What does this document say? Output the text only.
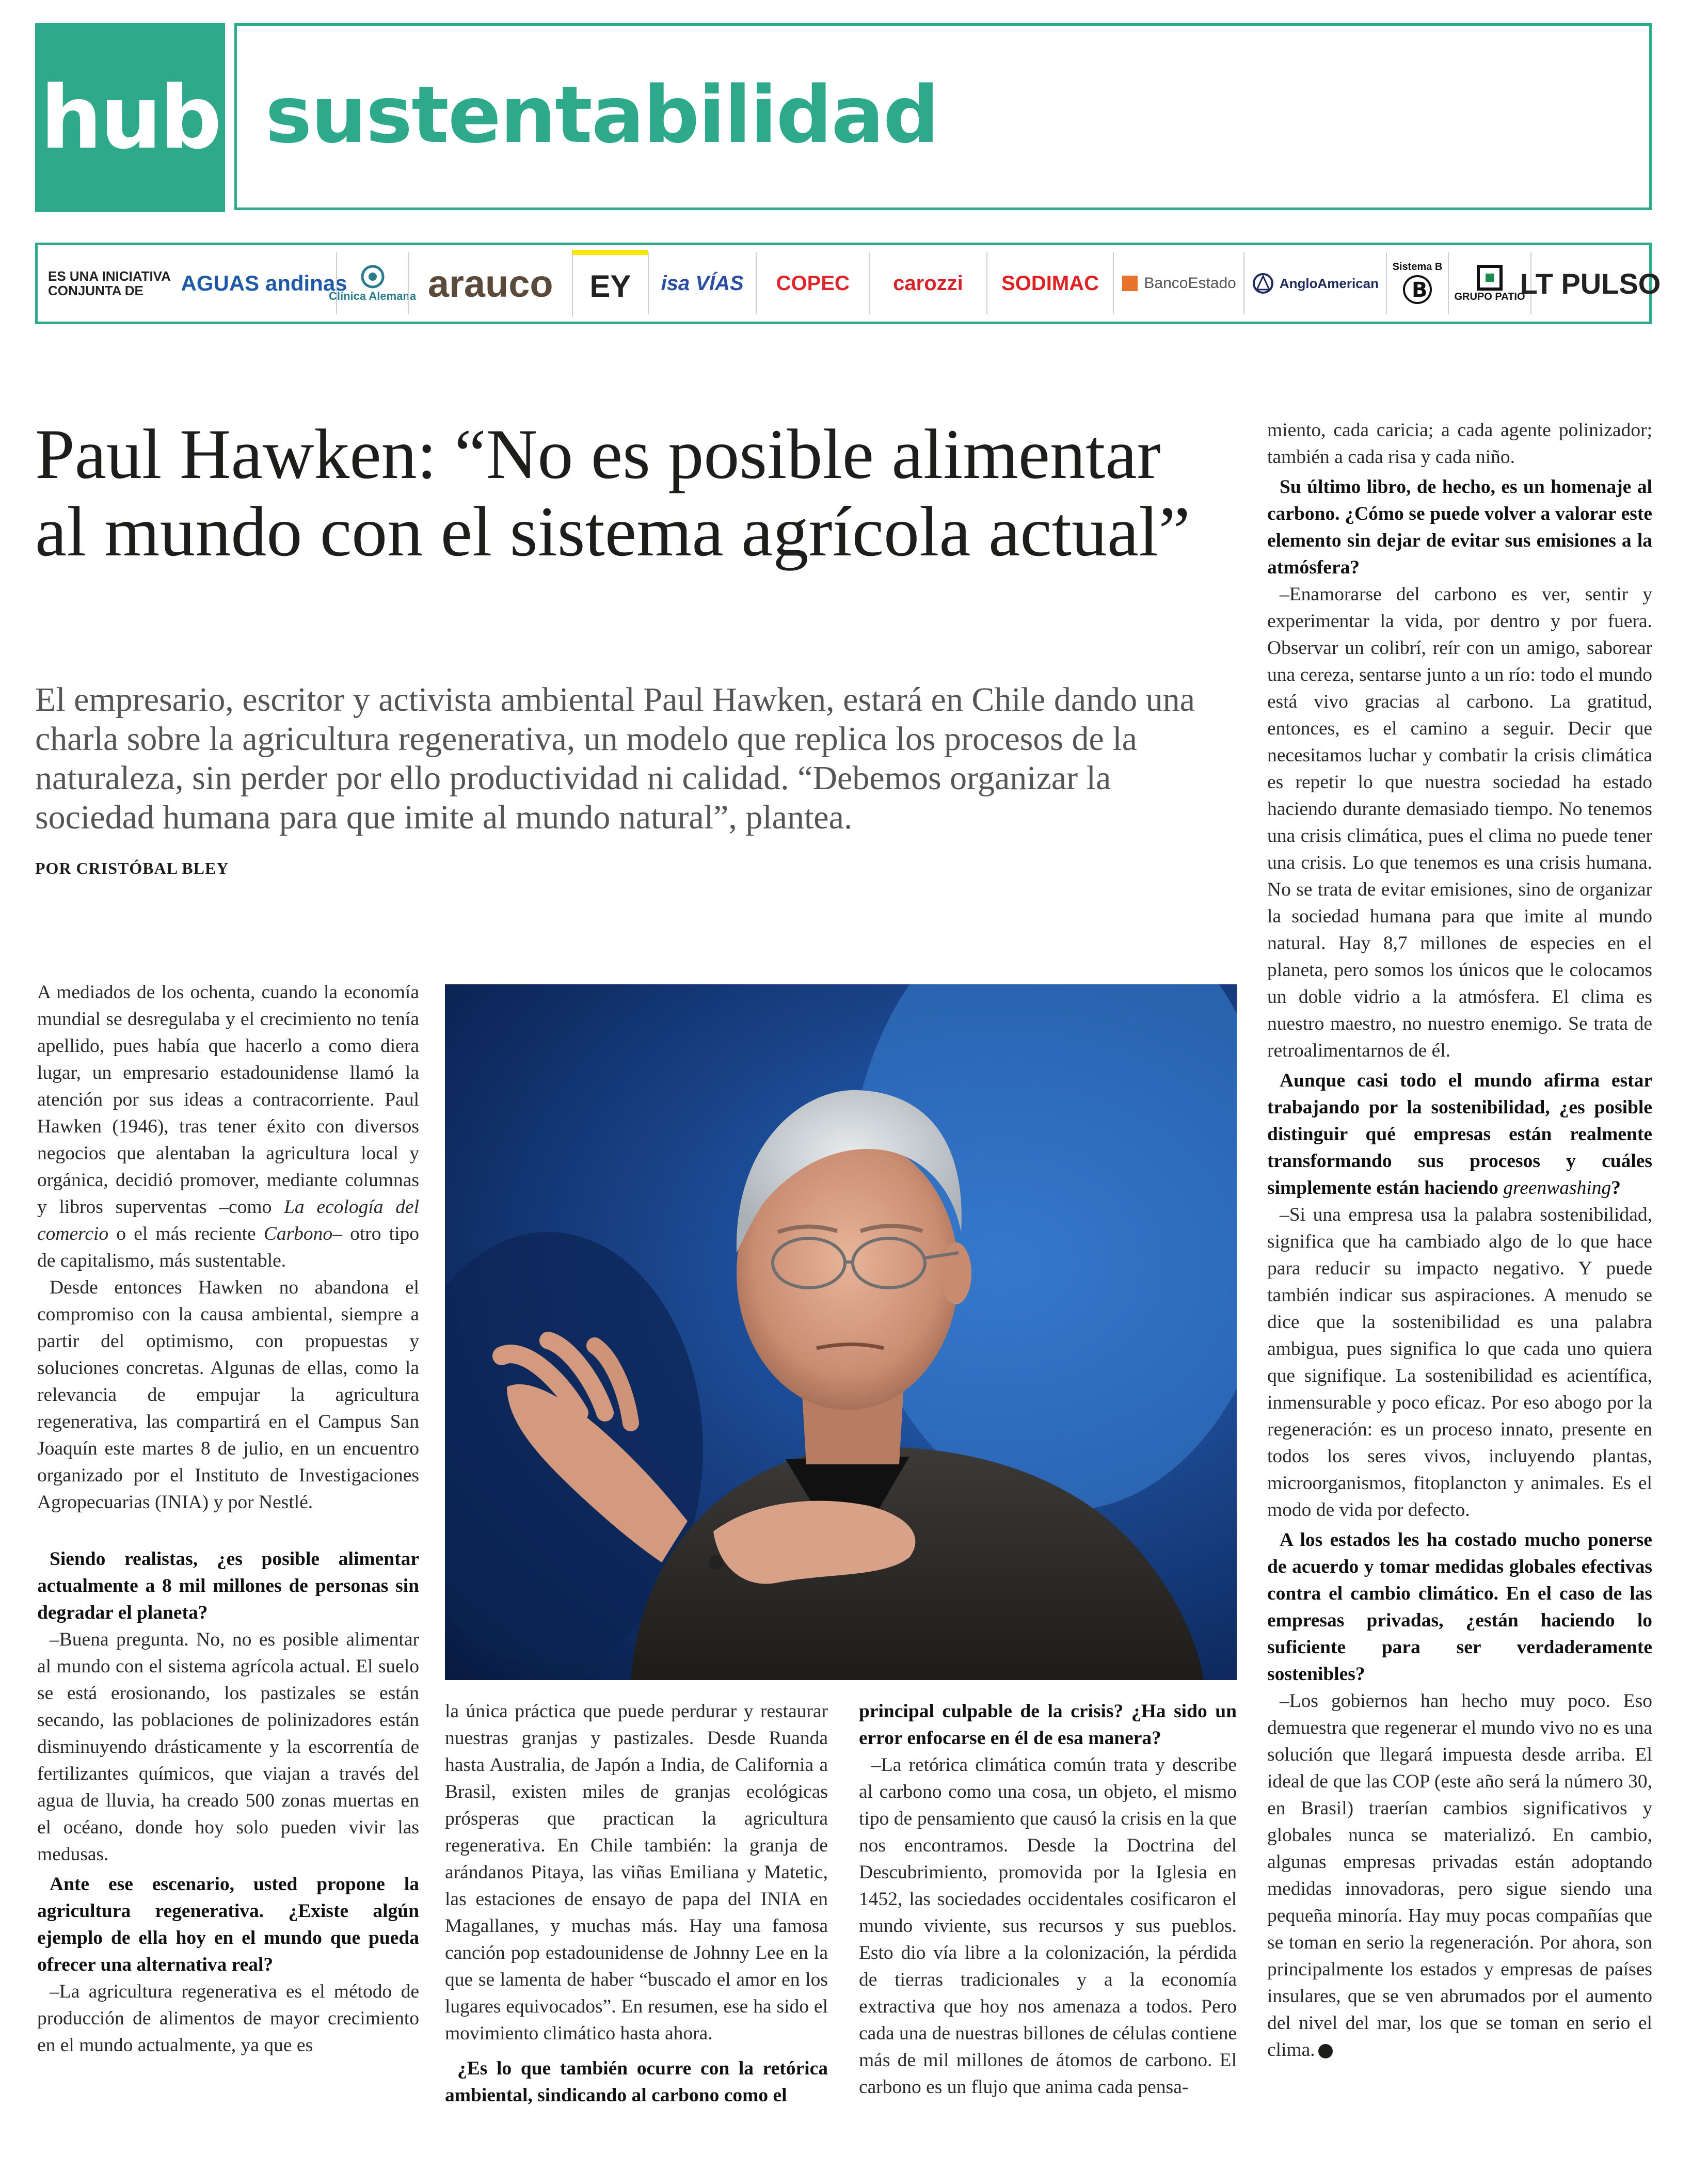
hub sustentabilidad
ES UNA INICIATIVA CONJUNTA DE	AGUAS andinas
Clínica Alemana arauco EY isa VÍAS COPEC carozzi SODIMAC	BancoEstado	AngloAmerican
Sistema B
B	GRUPO PATIO
LT PULSO
Paul Hawken: “No es posible alimentar al mundo con el sistema agrícola actual”

El empresario, escritor y activista ambiental Paul Hawken, estará en Chile dando una charla sobre la agricultura regenerativa, un modelo que replica los procesos de la naturaleza, sin perder por ello productividad ni calidad. “Debemos organizar la sociedad humana para que imite al mundo natural”, plantea.

POR CRISTÓBAL BLEY

A mediados de los ochenta, cuando la economía mundial se desregulaba y el crecimiento no tenía apellido, pues había que hacerlo a como diera lugar, un empresario estadounidense llamó la atención por sus ideas a contracorriente. Paul Hawken (1946), tras tener éxito con diversos negocios que alentaban la agricultura local y orgánica, decidió promover, mediante columnas y libros superventas –como La ecología del comercio o el más reciente Carbono– otro tipo de capitalismo, más sustentable.

Desde entonces Hawken no abandona el compromiso con la causa ambiental, siempre a partir del optimismo, con propuestas y soluciones concretas. Algunas de ellas, como la relevancia de empujar la agricultura regenerativa, las compartirá en el Campus San Joaquín este martes 8 de julio, en un encuentro organizado por el Instituto de Investigaciones Agropecuarias (INIA) y por Nestlé.

Siendo realistas, ¿es posible alimentar actualmente a 8 mil millones de personas sin degradar el planeta?

–Buena pregunta. No, no es posible alimentar al mundo con el sistema agrícola actual. El suelo se está erosionando, los pastizales se están secando, las poblaciones de polinizadores están disminuyendo drásticamente y la escorrentía de fertilizantes químicos, que viajan a través del agua de lluvia, ha creado 500 zonas muertas en el océano, donde hoy solo pueden vivir las medusas.

Ante ese escenario, usted propone la agricultura regenerativa. ¿Existe algún ejemplo de ella hoy en el mundo que pueda ofrecer una alternativa real?

–La agricultura regenerativa es el método de producción de alimentos de mayor crecimiento en el mundo actualmente, ya que es

la única práctica que puede perdurar y restaurar nuestras granjas y pastizales. Desde Ruanda hasta Australia, de Japón a India, de California a Brasil, existen miles de granjas ecológicas prósperas que practican la agricultura regenerativa. En Chile también: la granja de arándanos Pitaya, las viñas Emiliana y Matetic, las estaciones de ensayo de papa del INIA en Magallanes, y muchas más. Hay una famosa canción pop estadounidense de Johnny Lee en la que se lamenta de haber “buscado el amor en los lugares equivocados”. En resumen, ese ha sido el movimiento climático hasta ahora.

¿Es lo que también ocurre con la retórica ambiental, sindicando al carbono como el

principal culpable de la crisis? ¿Ha sido un error enfocarse en él de esa manera?

–La retórica climática común trata y describe al carbono como una cosa, un objeto, el mismo tipo de pensamiento que causó la crisis en la que nos encontramos. Desde la Doctrina del Descubrimiento, promovida por la Iglesia en 1452, las sociedades occidentales cosificaron el mundo viviente, sus recursos y sus pueblos. Esto dio vía libre a la colonización, la pérdida de tierras tradicionales y a la economía extractiva que hoy nos amenaza a todos. Pero cada una de nuestras billones de células contiene más de mil millones de átomos de carbono. El carbono es un flujo que anima cada pensa-

miento, cada caricia; a cada agente polinizador; también a cada risa y cada niño.

Su último libro, de hecho, es un homenaje al carbono. ¿Cómo se puede volver a valorar este elemento sin dejar de evitar sus emisiones a la atmósfera?

–Enamorarse del carbono es ver, sentir y experimentar la vida, por dentro y por fuera. Observar un colibrí, reír con un amigo, saborear una cereza, sentarse junto a un río: todo el mundo está vivo gracias al carbono. La gratitud, entonces, es el camino a seguir. Decir que necesitamos luchar y combatir la crisis climática es repetir lo que nuestra sociedad ha estado haciendo durante demasiado tiempo. No tenemos una crisis climática, pues el clima no puede tener una crisis. Lo que tenemos es una crisis humana. No se trata de evitar emisiones, sino de organizar la sociedad humana para que imite al mundo natural. Hay 8,7 millones de especies en el planeta, pero somos los únicos que le colocamos un doble vidrio a la atmósfera. El clima es nuestro maestro, no nuestro enemigo. Se trata de retroalimentarnos de él.

Aunque casi todo el mundo afirma estar trabajando por la sostenibilidad, ¿es posible distinguir qué empresas están realmente transformando sus procesos y cuáles simplemente están haciendo greenwashing?

–Si una empresa usa la palabra sostenibilidad, significa que ha cambiado algo de lo que hace para reducir su impacto negativo. Y puede también indicar sus aspiraciones. A menudo se dice que la sostenibilidad es una palabra ambigua, pues significa lo que cada uno quiera que signifique. La sostenibilidad es acientífica, inmensurable y poco eficaz. Por eso abogo por la regeneración: es un proceso innato, presente en todos los seres vivos, incluyendo plantas, microorganismos, fitoplancton y animales. Es el modo de vida por defecto.

A los estados les ha costado mucho ponerse de acuerdo y tomar medidas globales efectivas contra el cambio climático. En el caso de las empresas privadas, ¿están haciendo lo suficiente para ser verdaderamente sostenibles?

–Los gobiernos han hecho muy poco. Eso demuestra que regenerar el mundo vivo no es una solución que llegará impuesta desde arriba. El ideal de que las COP (este año será la número 30, en Brasil) traerían cambios significativos y globales nunca se materializó. En cambio, algunas empresas privadas están adoptando medidas innovadoras, pero sigue siendo una pequeña minoría. Hay muy pocas compañías que se toman en serio la regeneración. Por ahora, son principalmente los estados y empresas de países insulares, que se ven abrumados por el aumento del nivel del mar, los que se toman en serio el clima.
